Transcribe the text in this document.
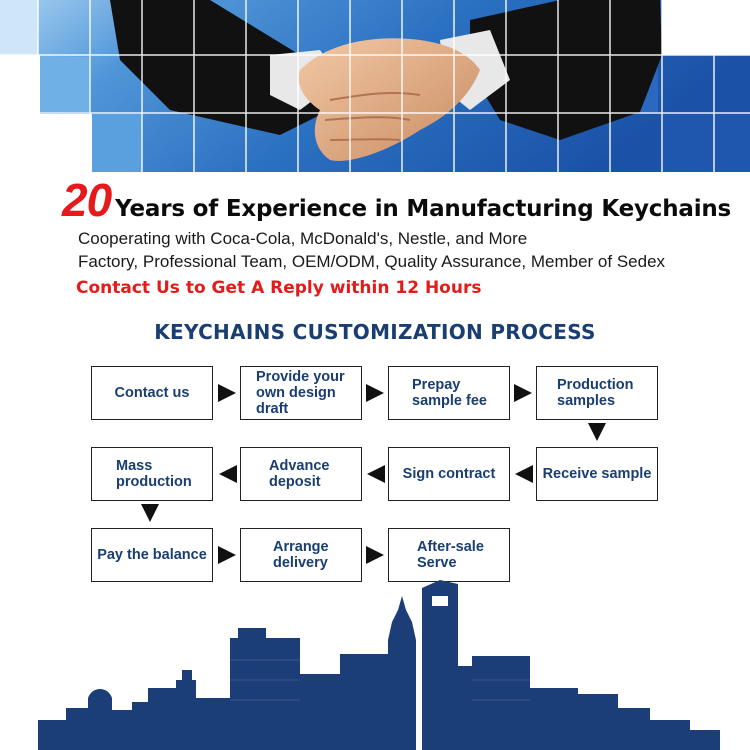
20 Years of Experience in Manufacturing Keychains
Cooperating with Coca-Cola, McDonald's, Nestle, and More
Factory, Professional Team, OEM/ODM, Quality Assurance, Member of Sedex
Contact Us to Get A Reply within 12 Hours
KEYCHAINS CUSTOMIZATION PROCESS
Contact us
Provide your own design draft
Prepay sample fee
Production samples
Receive sample
Sign contract
Advance deposit
Mass production
Pay the balance	Arrange delivery
After-sale Serve
